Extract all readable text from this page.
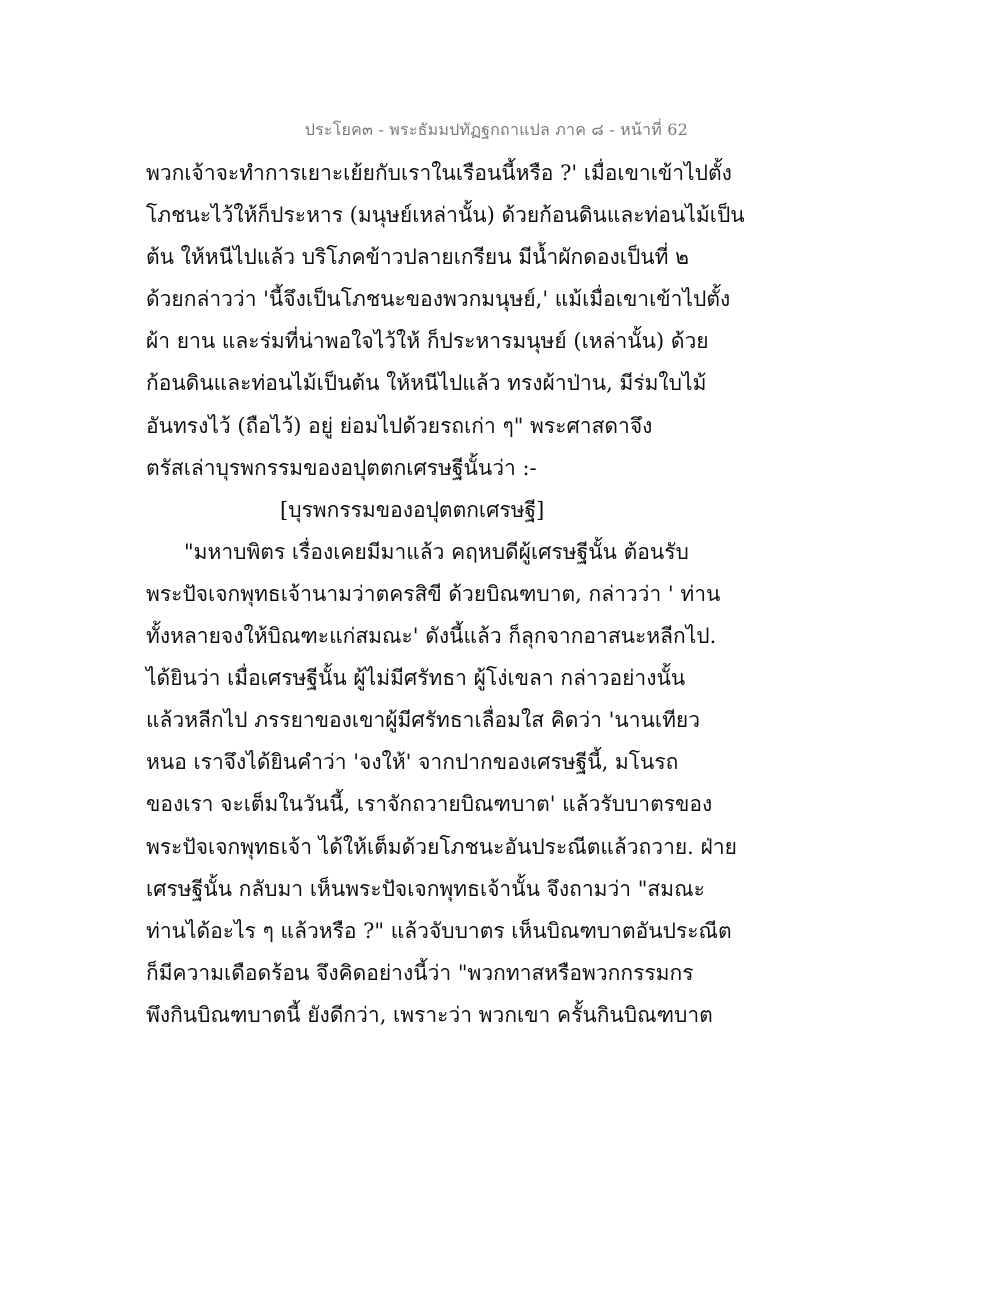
ประโยค๓ - พระธัมมปทัฏฐกถาแปล ภาค ๘ - หน้าที่ 62
พวกเจ้าจะทำการเยาะเย้ยกับเราในเรือนนี้หรือ ?' เมื่อเขาเข้าไปตั้ง
โภชนะไว้ให้ก็ประหาร (มนุษย์เหล่านั้น) ด้วยก้อนดินและท่อนไม้เป็น
ต้น ให้หนีไปแล้ว บริโภคข้าวปลายเกรียน มีน้ำผักดองเป็นที่ ๒
ด้วยกล่าวว่า 'นี้จึงเป็นโภชนะของพวกมนุษย์,' แม้เมื่อเขาเข้าไปตั้ง
ผ้า ยาน และร่มที่น่าพอใจไว้ให้ ก็ประหารมนุษย์ (เหล่านั้น) ด้วย
ก้อนดินและท่อนไม้เป็นต้น ให้หนีไปแล้ว ทรงผ้าป่าน, มีร่มใบไม้
อันทรงไว้ (ถือไว้) อยู่ ย่อมไปด้วยรถเก่า ๆ" พระศาสดาจึง
ตรัสเล่าบุรพกรรมของอปุตตกเศรษฐีนั้นว่า :-
[บุรพกรรมของอปุตตกเศรษฐี]
"มหาบพิตร เรื่องเคยมีมาแล้ว คฤหบดีผู้เศรษฐีนั้น ต้อนรับ
พระปัจเจกพุทธเจ้านามว่าตครสิขี ด้วยบิณฑบาต, กล่าวว่า ' ท่าน
ทั้งหลายจงให้บิณฑะแก่สมณะ' ดังนี้แล้ว ก็ลุกจากอาสนะหลีกไป.
ได้ยินว่า เมื่อเศรษฐีนั้น ผู้ไม่มีศรัทธา ผู้โง่เขลา กล่าวอย่างนั้น
แล้วหลีกไป ภรรยาของเขาผู้มีศรัทธาเลื่อมใส คิดว่า 'นานเทียว
หนอ เราจึงได้ยินคำว่า 'จงให้' จากปากของเศรษฐีนี้, มโนรถ
ของเรา จะเต็มในวันนี้, เราจักถวายบิณฑบาต' แล้วรับบาตรของ
พระปัจเจกพุทธเจ้า ได้ให้เต็มด้วยโภชนะอันประณีตแล้วถวาย. ฝ่าย
เศรษฐีนั้น กลับมา เห็นพระปัจเจกพุทธเจ้านั้น จึงถามว่า "สมณะ
ท่านได้อะไร ๆ แล้วหรือ ?" แล้วจับบาตร เห็นบิณฑบาตอันประณีต
ก็มีความเดือดร้อน จึงคิดอย่างนี้ว่า "พวกทาสหรือพวกกรรมกร
พึงกินบิณฑบาตนี้ ยังดีกว่า, เพราะว่า พวกเขา ครั้นกินบิณฑบาต
